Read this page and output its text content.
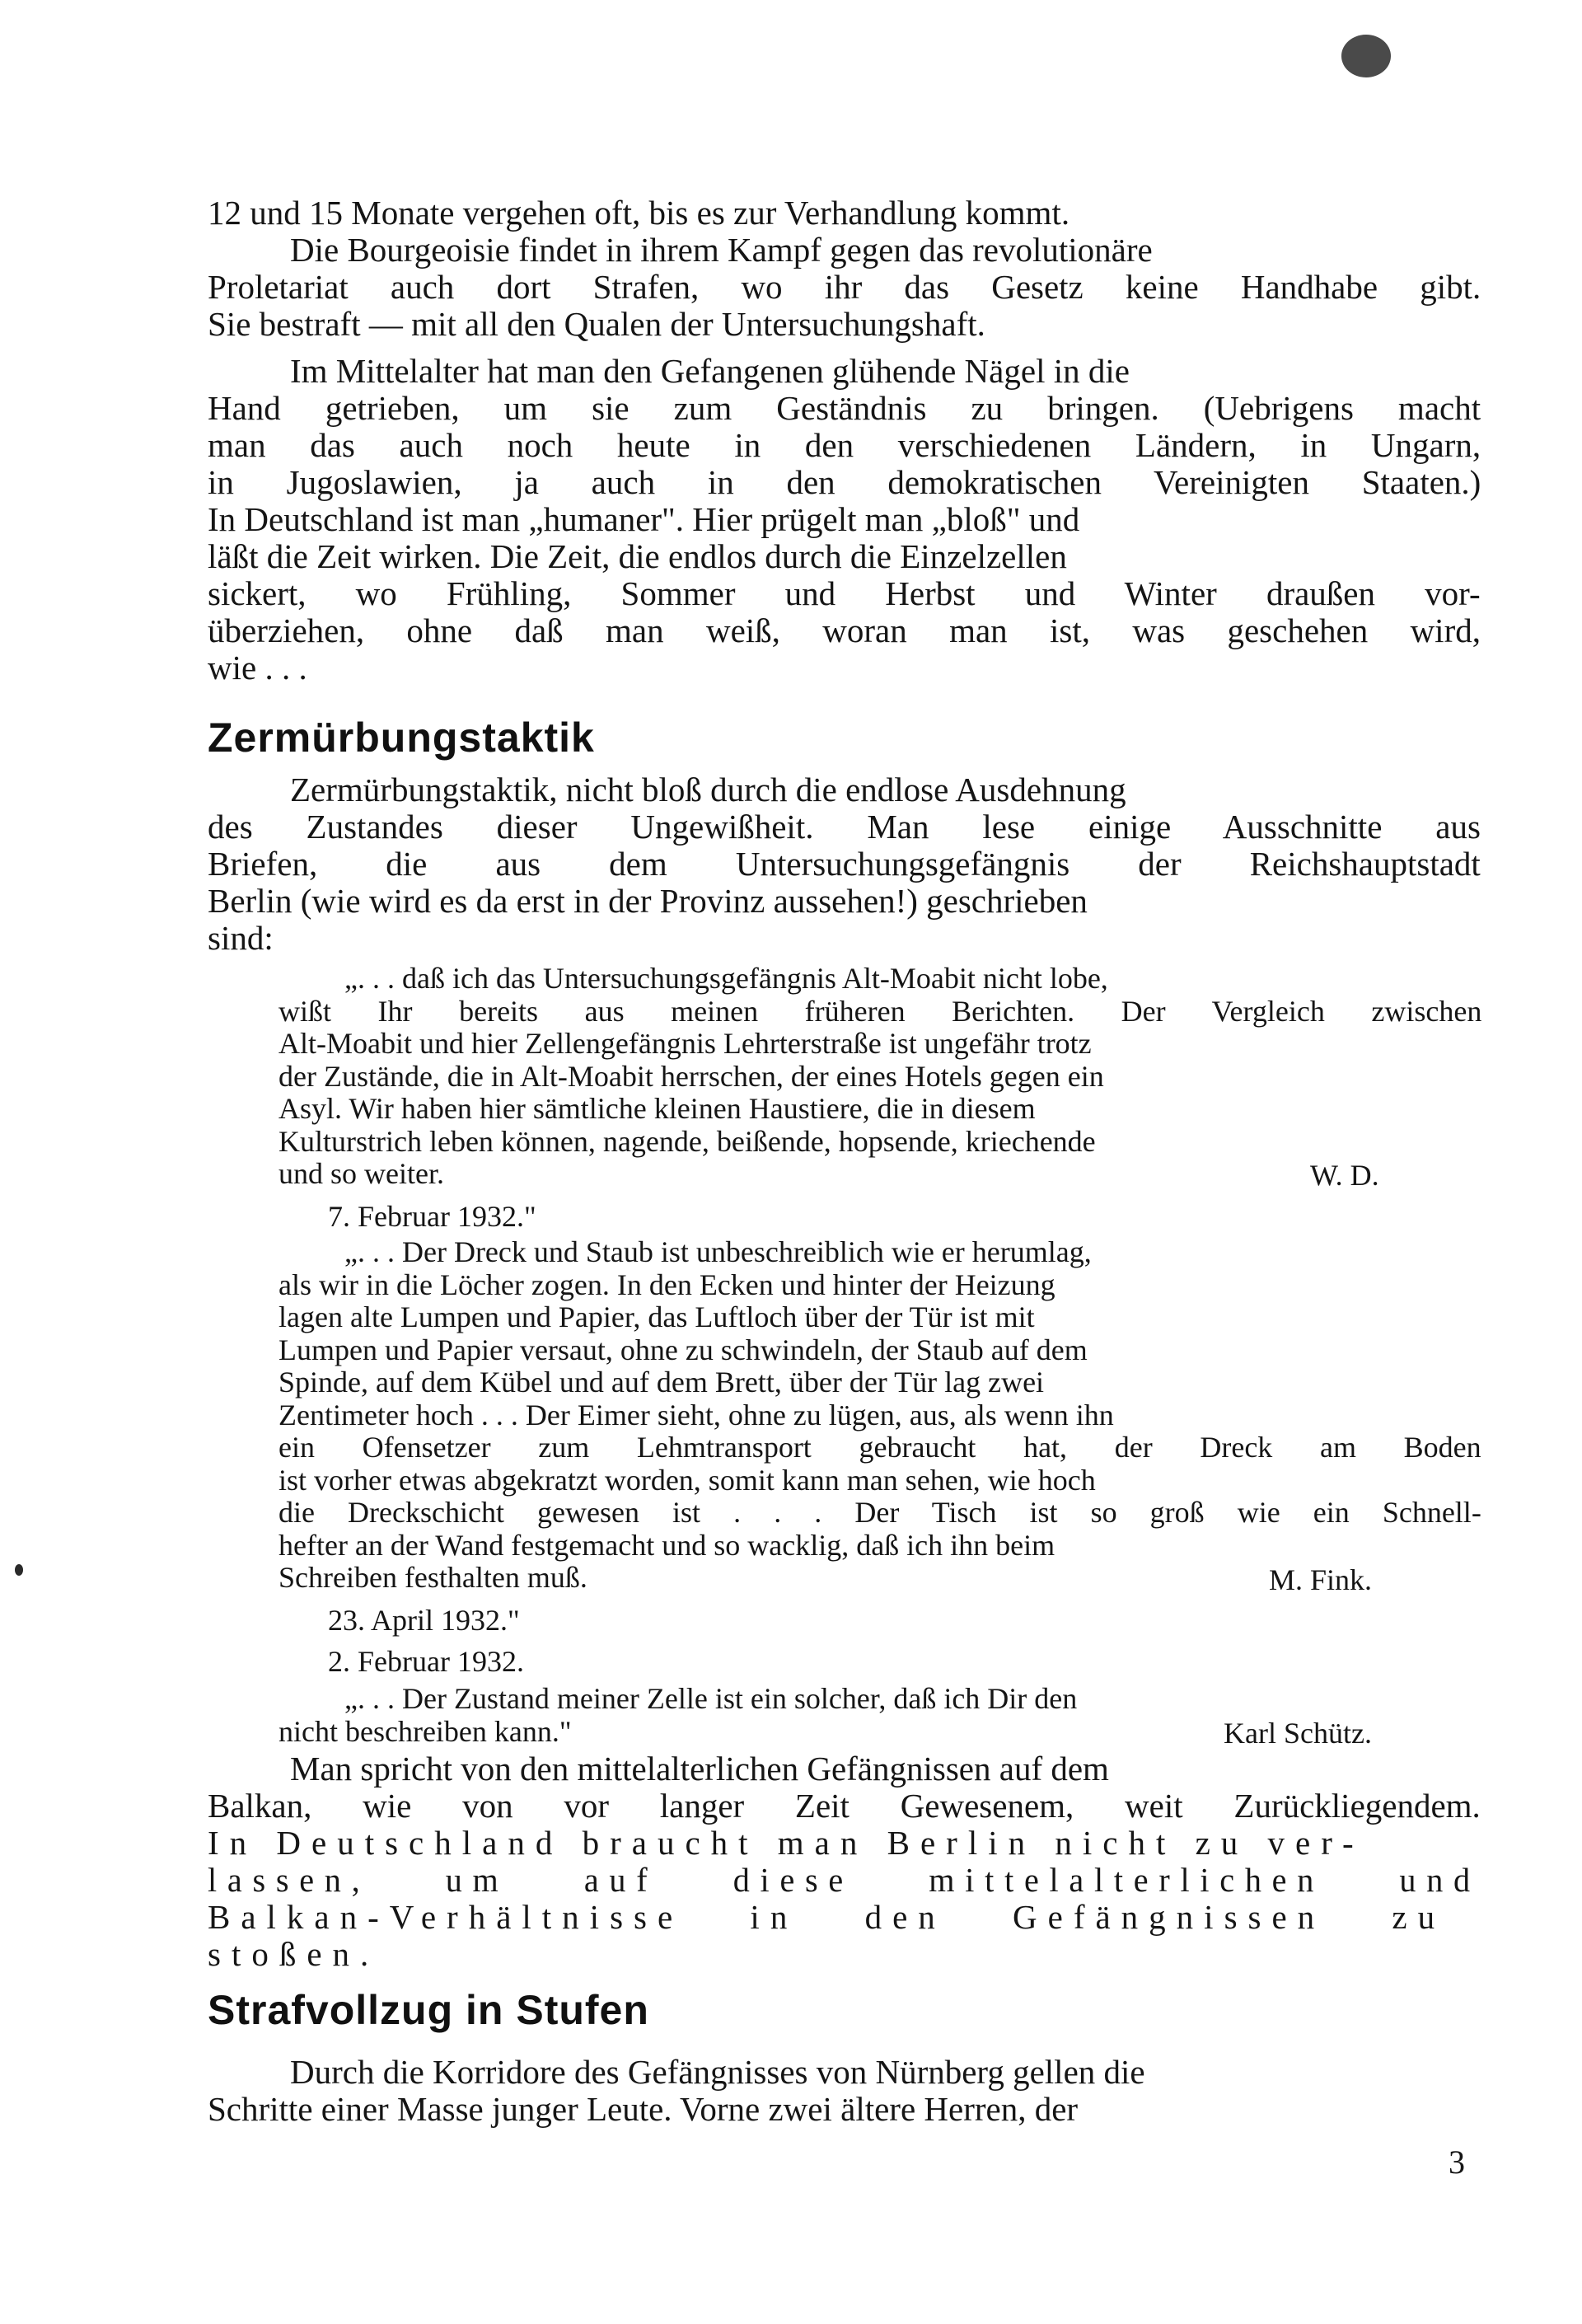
12 und 15 Monate vergehen oft, bis es zur Verhandlung kommt.
Die Bourgeoisie findet in ihrem Kampf gegen das revolutionäre
Proletariat auch dort Strafen, wo ihr das Gesetz keine Handhabe gibt.
Sie bestraft — mit all den Qualen der Untersuchungshaft.
Im Mittelalter hat man den Gefangenen glühende Nägel in die
Hand getrieben, um sie zum Geständnis zu bringen. (Uebrigens macht
man das auch noch heute in den verschiedenen Ländern, in Ungarn,
in Jugoslawien, ja auch in den demokratischen Vereinigten Staaten.)
In Deutschland ist man „humaner". Hier prügelt man „bloß" und
läßt die Zeit wirken. Die Zeit, die endlos durch die Einzelzellen
sickert, wo Frühling, Sommer und Herbst und Winter draußen vor-
überziehen, ohne daß man weiß, woran man ist, was geschehen wird,
wie . . .
Zermürbungstaktik
Zermürbungstaktik, nicht bloß durch die endlose Ausdehnung
des Zustandes dieser Ungewißheit. Man lese einige Ausschnitte aus
Briefen, die aus dem Untersuchungsgefängnis der Reichshauptstadt
Berlin (wie wird es da erst in der Provinz aussehen!) geschrieben
sind:
„. . . daß ich das Untersuchungsgefängnis Alt-Moabit nicht lobe,
wißt Ihr bereits aus meinen früheren Berichten. Der Vergleich zwischen
Alt-Moabit und hier Zellengefängnis Lehrterstraße ist ungefähr trotz
der Zustände, die in Alt-Moabit herrschen, der eines Hotels gegen ein
Asyl. Wir haben hier sämtliche kleinen Haustiere, die in diesem
Kulturstrich leben können, nagende, beißende, hopsende, kriechende
und so weiter.	W. D.
7. Februar 1932."
„. . . Der Dreck und Staub ist unbeschreiblich wie er herumlag,
als wir in die Löcher zogen. In den Ecken und hinter der Heizung
lagen alte Lumpen und Papier, das Luftloch über der Tür ist mit
Lumpen und Papier versaut, ohne zu schwindeln, der Staub auf dem
Spinde, auf dem Kübel und auf dem Brett, über der Tür lag zwei
Zentimeter hoch . . . Der Eimer sieht, ohne zu lügen, aus, als wenn ihn
ein Ofensetzer zum Lehmtransport gebraucht hat, der Dreck am Boden
ist vorher etwas abgekratzt worden, somit kann man sehen, wie hoch
die Dreckschicht gewesen ist . . . Der Tisch ist so groß wie ein Schnell-
hefter an der Wand festgemacht und so wacklig, daß ich ihn beim
Schreiben festhalten muß.	M. Fink.
23. April 1932."
2. Februar 1932.
„. . . Der Zustand meiner Zelle ist ein solcher, daß ich Dir den
nicht beschreiben kann."	Karl Schütz.
Man spricht von den mittelalterlichen Gefängnissen auf dem
Balkan, wie von vor langer Zeit Gewesenem, weit Zurückliegendem.
In Deutschland braucht man Berlin nicht zu ver-
lassen, um auf diese mittelalterlichen und
Balkan-Verhältnisse in den Gefängnissen zu
stoßen.
Strafvollzug in Stufen
Durch die Korridore des Gefängnisses von Nürnberg gellen die
Schritte einer Masse junger Leute. Vorne zwei ältere Herren, der
3
